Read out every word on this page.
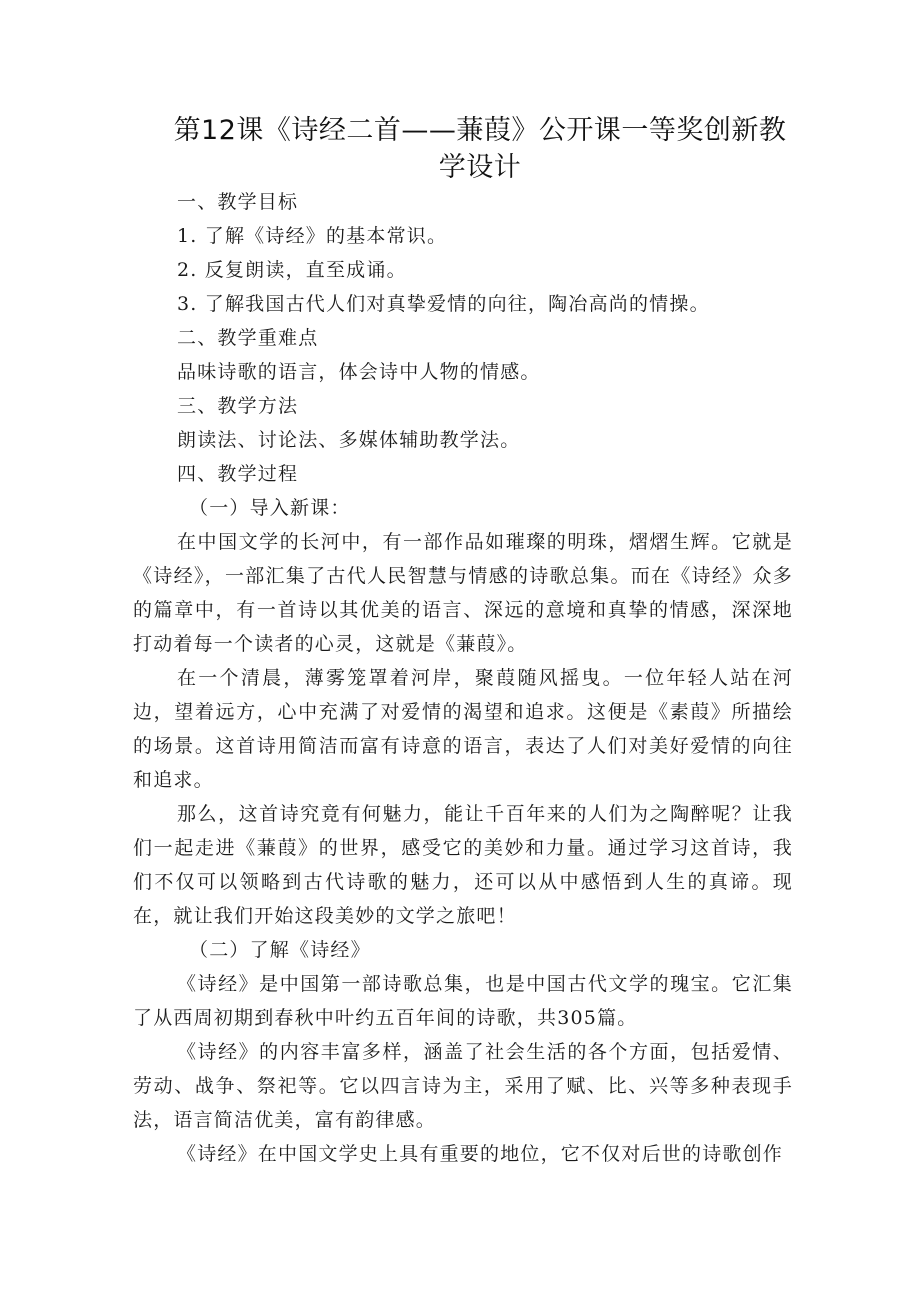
第12课《诗经二首——蒹葭》公开课一等奖创新教学设计

一、教学目标

1. 了解《诗经》的基本常识。

2. 反复朗读，直至成诵。

3. 了解我国古代人们对真挚爱情的向往，陶冶高尚的情操。

二、教学重难点

品味诗歌的语言，体会诗中人物的情感。

三、教学方法

朗读法、讨论法、多媒体辅助教学法。

四、教学过程

（一）导入新课：

在中国文学的长河中，有一部作品如璀璨的明珠，熠熠生辉。它就是《诗经》，一部汇集了古代人民智慧与情感的诗歌总集。而在《诗经》众多的篇章中，有一首诗以其优美的语言、深远的意境和真挚的情感，深深地打动着每一个读者的心灵，这就是《蒹葭》。

在一个清晨，薄雾笼罩着河岸，聚葭随风摇曳。一位年轻人站在河边，望着远方，心中充满了对爱情的渴望和追求。这便是《素葭》所描绘的场景。这首诗用简洁而富有诗意的语言，表达了人们对美好爱情的向往和追求。

那么，这首诗究竟有何魅力，能让千百年来的人们为之陶醉呢？让我们一起走进《蒹葭》的世界，感受它的美妙和力量。通过学习这首诗，我们不仅可以领略到古代诗歌的魅力，还可以从中感悟到人生的真谛。现在，就让我们开始这段美妙的文学之旅吧！

（二）了解《诗经》

《诗经》是中国第一部诗歌总集，也是中国古代文学的瑰宝。它汇集了从西周初期到春秋中叶约五百年间的诗歌，共305篇。

《诗经》的内容丰富多样，涵盖了社会生活的各个方面，包括爱情、劳动、战争、祭祀等。它以四言诗为主，采用了赋、比、兴等多种表现手法，语言简洁优美，富有韵律感。

《诗经》在中国文学史上具有重要的地位，它不仅对后世的诗歌创作
